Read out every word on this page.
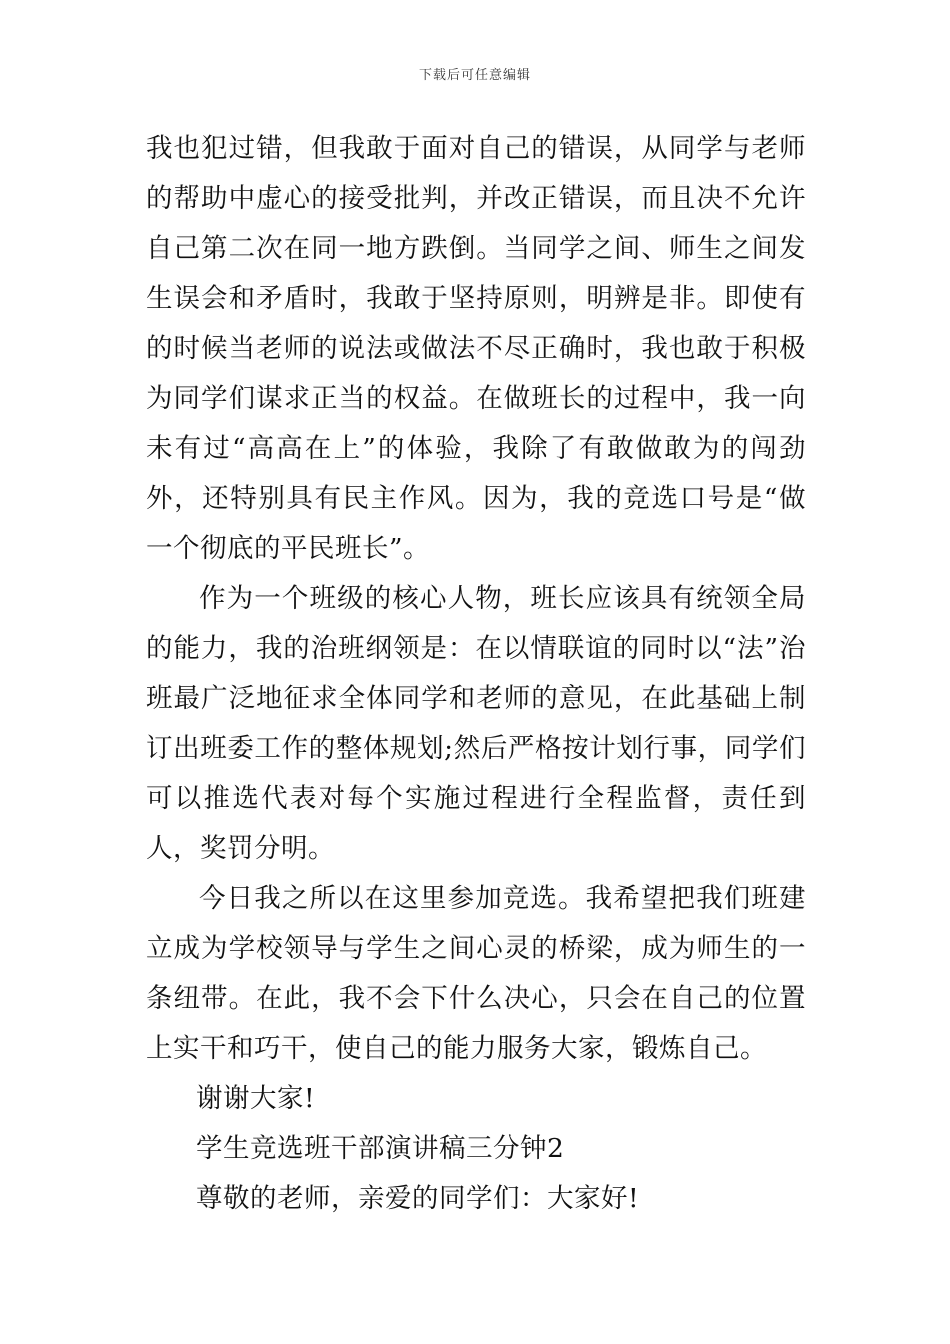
下载后可任意编辑

我也犯过错，但我敢于面对自己的错误，从同学与老师的帮助中虚心的接受批判，并改正错误，而且决不允许自己第二次在同一地方跌倒。当同学之间、师生之间发生误会和矛盾时，我敢于坚持原则，明辨是非。即使有的时候当老师的说法或做法不尽正确时，我也敢于积极为同学们谋求正当的权益。在做班长的过程中，我一向未有过“高高在上”的体验，我除了有敢做敢为的闯劲外，还特别具有民主作风。因为，我的竞选口号是“做一个彻底的平民班长”。

作为一个班级的核心人物，班长应该具有统领全局的能力，我的治班纲领是：在以情联谊的同时以“法”治班最广泛地征求全体同学和老师的意见，在此基础上制订出班委工作的整体规划;然后严格按计划行事，同学们可以推选代表对每个实施过程进行全程监督，责任到人，奖罚分明。

今日我之所以在这里参加竞选。我希望把我们班建立成为学校领导与学生之间心灵的桥梁，成为师生的一条纽带。在此，我不会下什么决心，只会在自己的位置上实干和巧干，使自己的能力服务大家，锻炼自己。

谢谢大家!

学生竞选班干部演讲稿三分钟2

尊敬的老师，亲爱的同学们：大家好!
